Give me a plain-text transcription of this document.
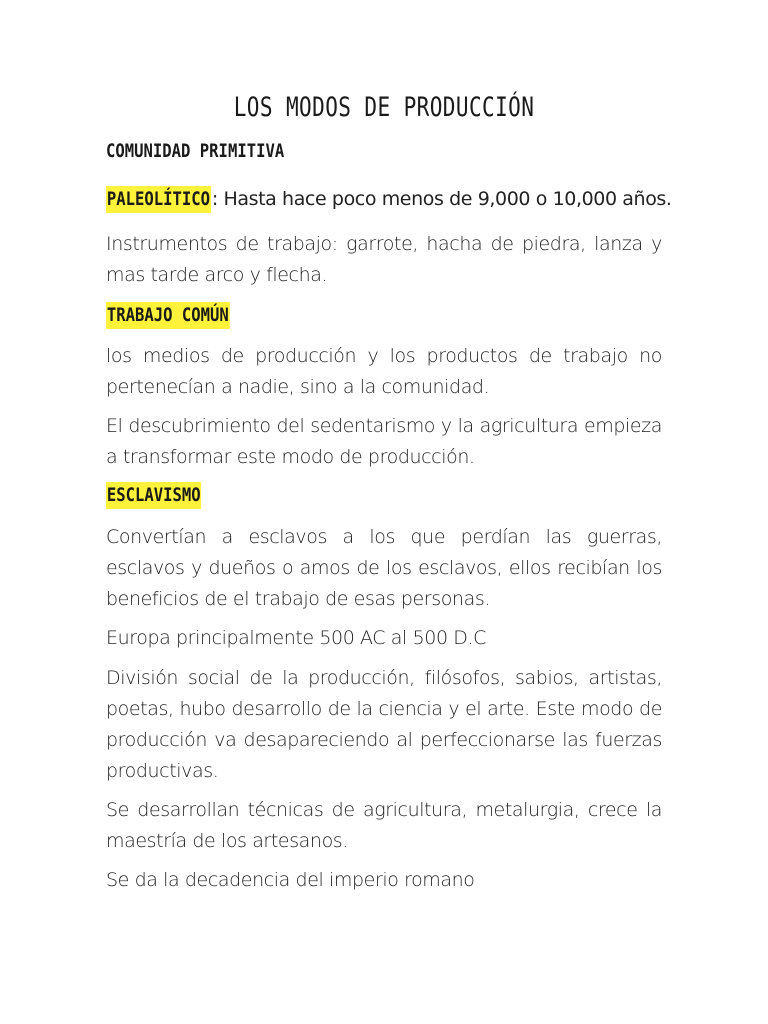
LOS MODOS DE PRODUCCIÓN
COMUNIDAD PRIMITIVA
PALEOLÍTICO: Hasta hace poco menos de 9,000 o 10,000 años.

Instrumentos de trabajo: garrote, hacha de piedra, lanza y mas tarde arco y flecha.

TRABAJO COMÚN

los medios de producción y los productos de trabajo no pertenecían a nadie, sino a la comunidad.

El descubrimiento del sedentarismo y la agricultura empieza a transformar este modo de producción.

ESCLAVISMO

Convertían a esclavos a los que perdían las guerras, esclavos y dueños o amos de los esclavos, ellos recibían los beneficios de el trabajo de esas personas.

Europa principalmente 500 AC al 500 D.C

División social de la producción, filósofos, sabios, artistas, poetas, hubo desarrollo de la ciencia y el arte. Este modo de producción va desapareciendo al perfeccionarse las fuerzas productivas.

Se desarrollan técnicas de agricultura, metalurgia, crece la maestría de los artesanos.

Se da la decadencia del imperio romano
